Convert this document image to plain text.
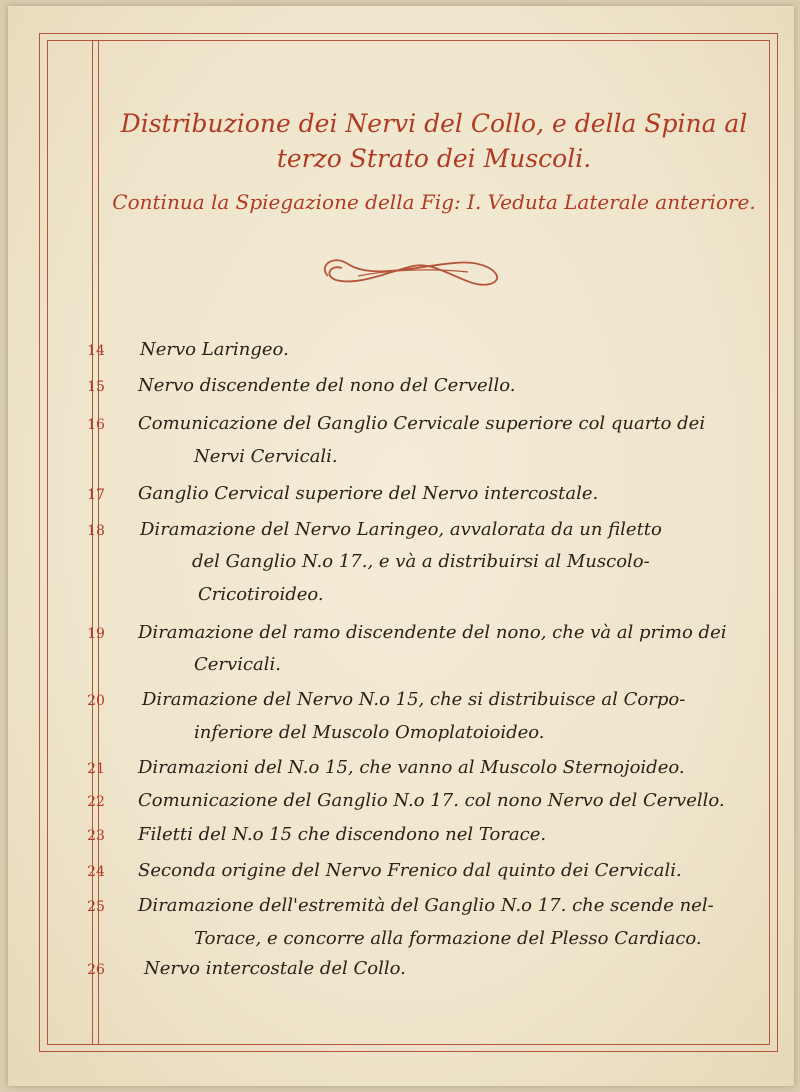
Distribuzione dei Nervi del Collo, e della Spina al
terzo Strato dei Muscoli.
Continua la Spiegazione della Fig: I. Veduta Laterale anteriore.
14
15
16
17
18
19
20
21
22
23
24
25
26
Nervo Laringeo.
Nervo discendente del nono del Cervello.
Comunicazione del Ganglio Cervicale superiore col quarto dei
Nervi Cervicali.
Ganglio Cervical superiore del Nervo intercostale.
Diramazione del Nervo Laringeo, avvalorata da un filetto
del Ganglio N.o 17., e và a distribuirsi al Muscolo-
Cricotiroideo.
Diramazione del ramo discendente del nono, che và al primo dei
Cervicali.
Diramazione del Nervo N.o 15, che si distribuisce al Corpo-
inferiore del Muscolo Omoplatoioideo.
Diramazioni del N.o 15, che vanno al Muscolo Sternojoideo.
Comunicazione del Ganglio N.o 17. col nono Nervo del Cervello.
Filetti del N.o 15 che discendono nel Torace.
Seconda origine del Nervo Frenico dal quinto dei Cervicali.
Diramazione dell'estremità del Ganglio N.o 17. che scende nel-
Torace, e concorre alla formazione del Plesso Cardiaco.
Nervo intercostale del Collo.
